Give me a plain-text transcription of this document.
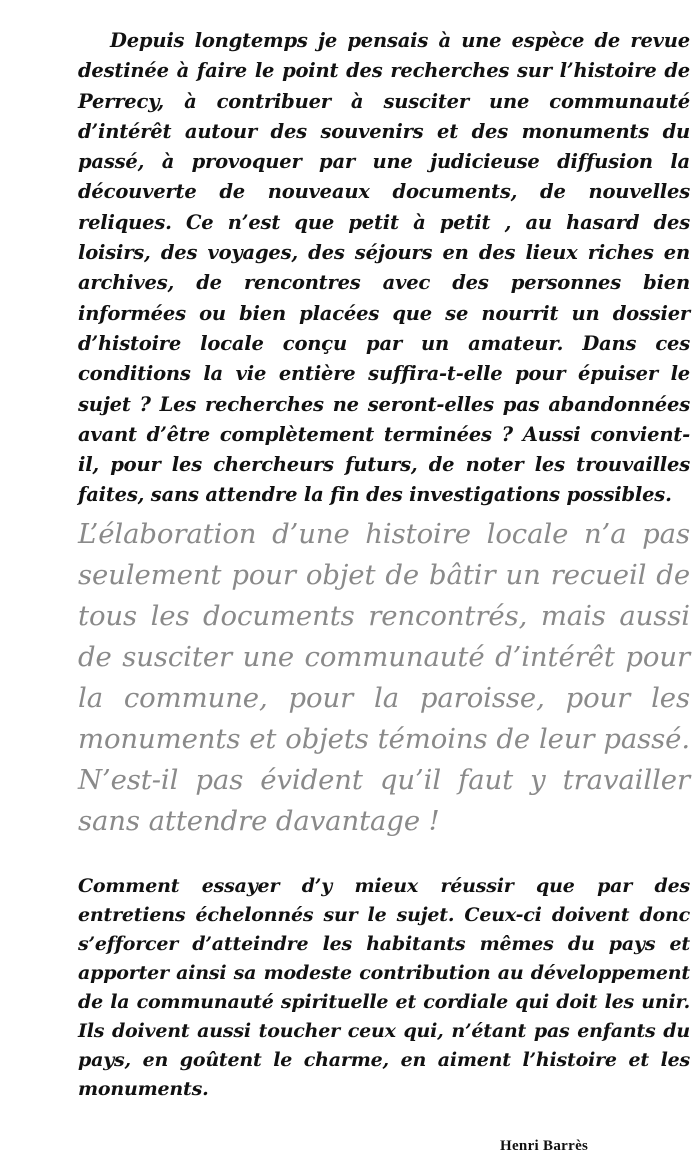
Depuis longtemps je pensais à une espèce de revue destinée à faire le point des recherches sur l’histoire de Perrecy, à contribuer à susciter une communauté d’intérêt autour des souvenirs et des monuments du passé, à provoquer par une judicieuse diffusion la découverte de nouveaux documents, de nouvelles reliques. Ce n’est que petit à petit , au hasard des loisirs, des voyages, des séjours en des lieux riches en archives, de rencontres avec des personnes bien informées ou bien placées que se nourrit un dossier d’histoire locale conçu par un amateur. Dans ces conditions la vie entière suffira-t-elle pour épuiser le sujet ? Les recherches ne seront-elles pas abandonnées avant d’être complètement terminées ? Aussi convient-il, pour les chercheurs futurs, de noter les trouvailles faites, sans attendre la fin des investigations possibles.

L’élaboration d’une histoire locale n’a pas seulement pour objet de bâtir un recueil de tous les documents rencontrés, mais aussi de susciter une communauté d’intérêt pour la commune, pour la paroisse, pour les monuments et objets témoins de leur passé. N’est-il pas évident qu’il faut y travailler sans attendre davantage !

Comment essayer d’y mieux réussir que par des entretiens échelonnés sur le sujet. Ceux-ci doivent donc s’efforcer d’atteindre les habitants mêmes du pays et apporter ainsi sa modeste contribution au développement de la communauté spirituelle et cordiale qui doit les unir. Ils doivent aussi toucher ceux qui, n’étant pas enfants du pays, en goûtent le charme, en aiment l’histoire et les monuments.

Henri Barrès
